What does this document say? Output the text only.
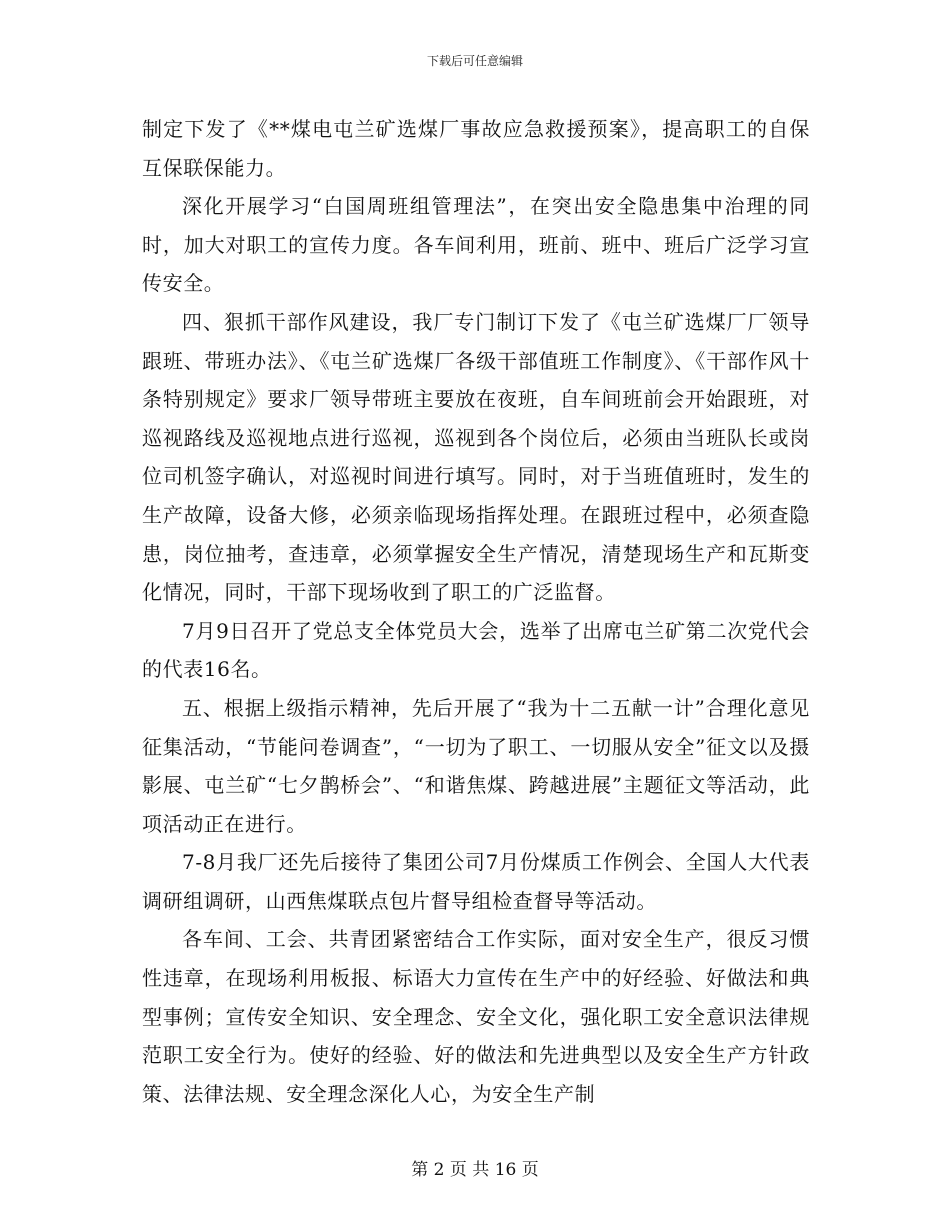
下载后可任意编辑

制定下发了《**煤电屯兰矿选煤厂事故应急救援预案》，提高职工的自保互保联保能力。

深化开展学习“白国周班组管理法”，在突出安全隐患集中治理的同时，加大对职工的宣传力度。各车间利用，班前、班中、班后广泛学习宣传安全。

四、狠抓干部作风建设，我厂专门制订下发了《屯兰矿选煤厂厂领导跟班、带班办法》、《屯兰矿选煤厂各级干部值班工作制度》、《干部作风十条特别规定》要求厂领导带班主要放在夜班，自车间班前会开始跟班，对巡视路线及巡视地点进行巡视，巡视到各个岗位后，必须由当班队长或岗位司机签字确认，对巡视时间进行填写。同时，对于当班值班时，发生的生产故障，设备大修，必须亲临现场指挥处理。在跟班过程中，必须查隐患，岗位抽考，查违章，必须掌握安全生产情况，清楚现场生产和瓦斯变化情况，同时，干部下现场收到了职工的广泛监督。

7月9日召开了党总支全体党员大会，选举了出席屯兰矿第二次党代会的代表16名。

五、根据上级指示精神，先后开展了“我为十二五献一计”合理化意见征集活动，“节能问卷调查”，“一切为了职工、一切服从安全”征文以及摄影展、屯兰矿“七夕鹊桥会”、“和谐焦煤、跨越进展”主题征文等活动，此项活动正在进行。

7-8月我厂还先后接待了集团公司7月份煤质工作例会、全国人大代表调研组调研，山西焦煤联点包片督导组检查督导等活动。

各车间、工会、共青团紧密结合工作实际，面对安全生产，很反习惯性违章，在现场利用板报、标语大力宣传在生产中的好经验、好做法和典型事例；宣传安全知识、安全理念、安全文化，强化职工安全意识法律规范职工安全行为。使好的经验、好的做法和先进典型以及安全生产方针政策、法律法规、安全理念深化人心，为安全生产制

第 2 页 共 16 页
